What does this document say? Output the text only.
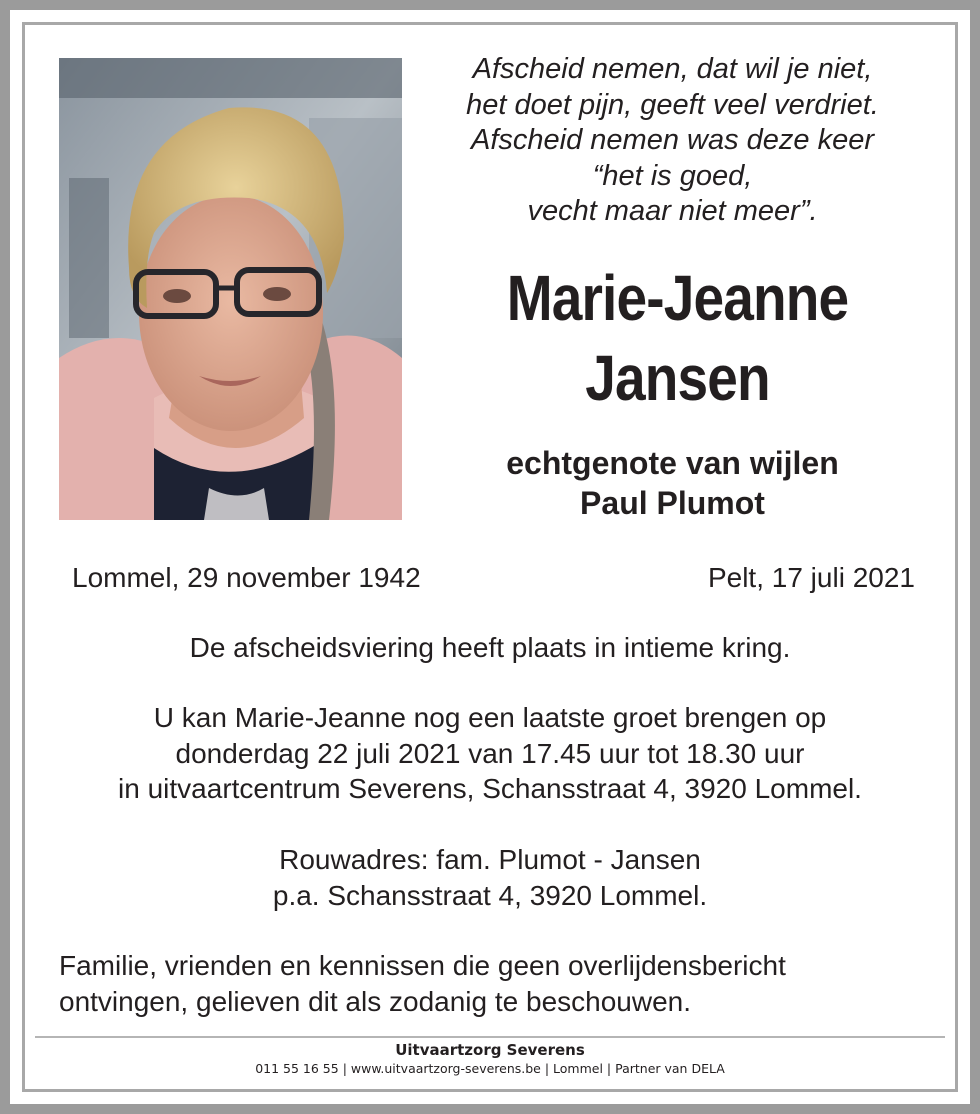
Afscheid nemen, dat wil je niet,
het doet pijn, geeft veel verdriet.
Afscheid nemen was deze keer
“het is goed,
vecht maar niet meer”.
Marie-Jeanne
Jansen
echtgenote van wijlen
Paul Plumot
Lommel, 29 november 1942	Pelt, 17 juli 2021
De afscheidsviering heeft plaats in intieme kring.
U kan Marie-Jeanne nog een laatste groet brengen op
donderdag 22 juli 2021 van 17.45 uur tot 18.30 uur
in uitvaartcentrum Severens, Schansstraat 4, 3920 Lommel.
Rouwadres: fam. Plumot - Jansen
p.a. Schansstraat 4, 3920 Lommel.
Familie, vrienden en kennissen die geen overlijdensbericht
ontvingen, gelieven dit als zodanig te beschouwen.
Uitvaartzorg Severens
011 55 16 55 | www.uitvaartzorg-severens.be | Lommel | Partner van DELA
